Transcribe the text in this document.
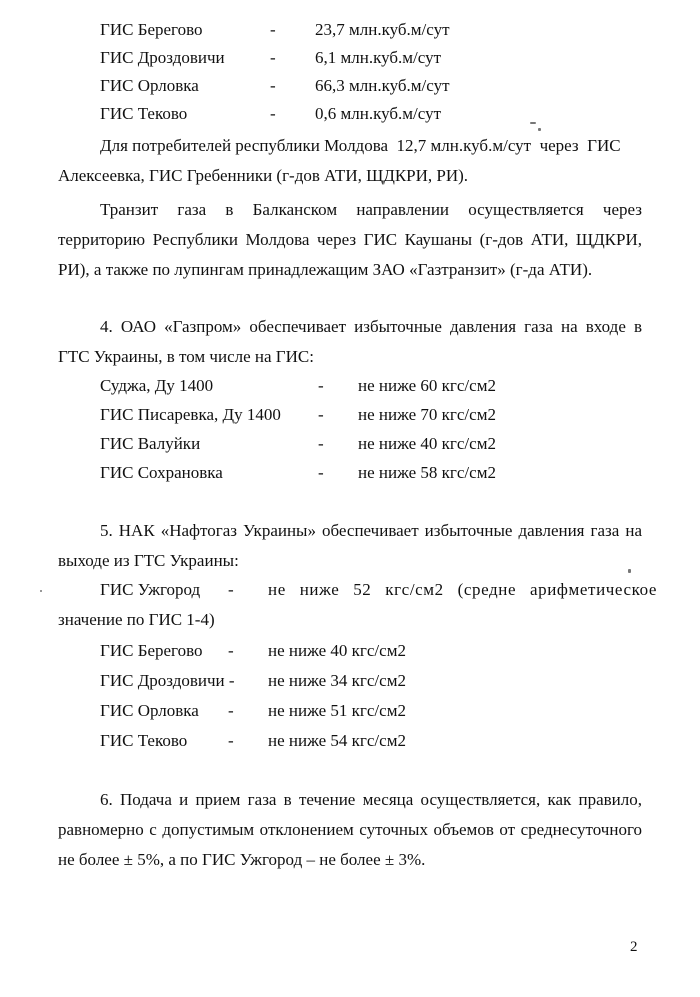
ГИС Берегово	- 23,7 млн.куб.м/сут
ГИС Дроздовичи	- 6,1 млн.куб.м/сут
ГИС Орловка	- 66,3 млн.куб.м/сут
ГИС Теково	- 0,6 млн.куб.м/сут
Для потребителей республики Молдова  12,7 млн.куб.м/сут  через  ГИС
Алексеевка, ГИС Гребенники (г-дов АТИ, ЩДКРИ, РИ).

Транзит газа в Балканском направлении осуществляется через территорию Республики Молдова через ГИС Каушаны (г-дов АТИ, ЩДКРИ, РИ), а также по лупингам принадлежащим ЗАО «Газтранзит» (г-да АТИ).

4. ОАО «Газпром» обеспечивает избыточные давления газа на входе в ГТС Украины, в том числе на ГИС:

Суджа, Ду 1400	- не ниже 60 кгс/см2
ГИС Писаревка, Ду 1400 - не ниже 70 кгс/см2
ГИС Валуйки	- не ниже 40 кгс/см2
ГИС Сохрановка	- не ниже 58 кгс/см2

5. НАК «Нафтогаз Украины» обеспечивает избыточные давления газа на выходе из ГТС Украины:

ГИС Ужгород - не ниже 52 кгс/см2 (средне арифметическое
значение по ГИС 1-4)
ГИС Берегово - не ниже 40 кгс/см2
ГИС Дроздовичи - не ниже 34 кгс/см2
ГИС Орловка - не ниже 51 кгс/см2
ГИС Теково - не ниже 54 кгс/см2

6. Подача и прием газа в течение месяца осуществляется, как правило, равномерно с допустимым отклонением суточных объемов от среднесуточного не более ± 5%, а по ГИС Ужгород – не более ± 3%.

2
